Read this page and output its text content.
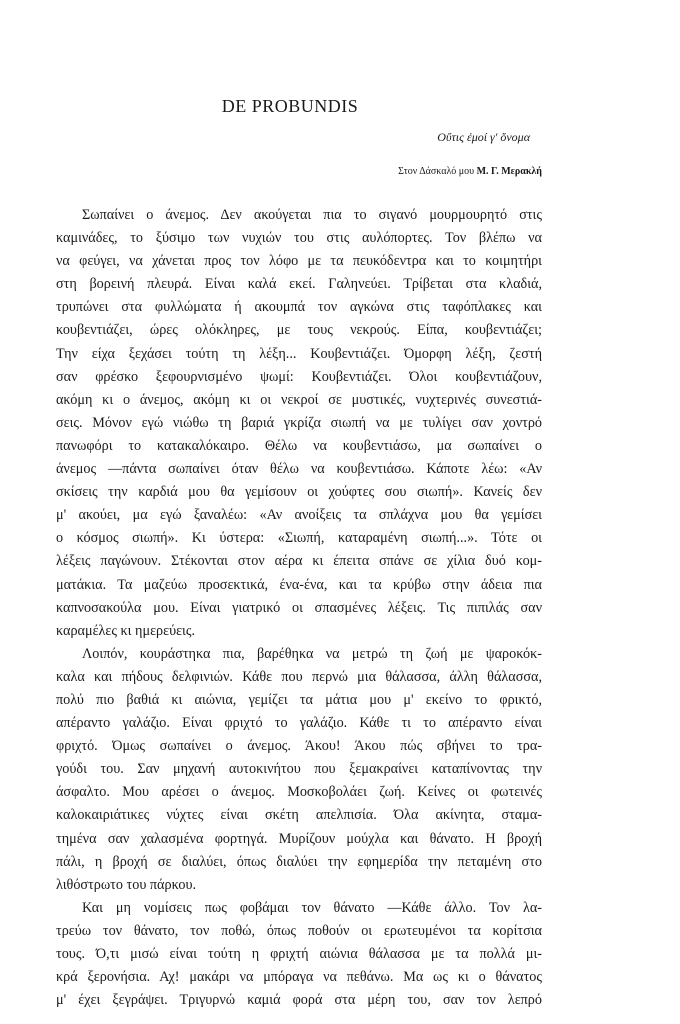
DE PROBUNDIS
Οὔτις ἐμοί γ' ὄνομα
Στον Δάσκαλό μου Μ. Γ. Μερακλή
Σωπαίνει ο άνεμος. Δεν ακούγεται πια το σιγανό μουρμουρητό στις
καμινάδες, το ξύσιμο των νυχιών του στις αυλόπορτες. Τον βλέπω να
να φεύγει, να χάνεται προς τον λόφο με τα πευκόδεντρα και το κοιμητήρι
στη βορεινή πλευρά. Είναι καλά εκεί. Γαληνεύει. Τρίβεται στα κλαδιά,
τρυπώνει στα φυλλώματα ή ακουμπά τον αγκώνα στις ταφόπλακες και
κουβεντιάζει, ώρες ολόκληρες, με τους νεκρούς. Είπα, κουβεντιάζει;
Την είχα ξεχάσει τούτη τη λέξη... Κουβεντιάζει. Όμορφη λέξη, ζεστή
σαν φρέσκο ξεφουρνισμένο ψωμί: Κουβεντιάζει. Όλοι κουβεντιάζουν,
ακόμη κι ο άνεμος, ακόμη κι οι νεκροί σε μυστικές, νυχτερινές συνεστιά-
σεις. Μόνον εγώ νιώθω τη βαριά γκρίζα σιωπή να με τυλίγει σαν χοντρό
πανωφόρι το κατακαλόκαιρο. Θέλω να κουβεντιάσω, μα σωπαίνει ο
άνεμος —πάντα σωπαίνει όταν θέλω να κουβεντιάσω. Κάποτε λέω: «Αν
σκίσεις την καρδιά μου θα γεμίσουν οι χούφτες σου σιωπή». Κανείς δεν
μ' ακούει, μα εγώ ξαναλέω: «Αν ανοίξεις τα σπλάχνα μου θα γεμίσει
ο κόσμος σιωπή». Κι ύστερα: «Σιωπή, καταραμένη σιωπή...». Τότε οι
λέξεις παγώνουν. Στέκονται στον αέρα κι έπειτα σπάνε σε χίλια δυό κομ-
ματάκια. Τα μαζεύω προσεκτικά, ένα-ένα, και τα κρύβω στην άδεια πια
καπνοσακούλα μου. Είναι γιατρικό οι σπασμένες λέξεις. Τις πιπιλάς σαν
καραμέλες κι ημερεύεις.
Λοιπόν, κουράστηκα πια, βαρέθηκα να μετρώ τη ζωή με ψαροκόκ-
καλα και πήδους δελφινιών. Κάθε που περνώ μια θάλασσα, άλλη θάλασσα,
πολύ πιο βαθιά κι αιώνια, γεμίζει τα μάτια μου μ' εκείνο το φρικτό,
απέραντο γαλάζιο. Είναι φριχτό το γαλάζιο. Κάθε τι το απέραντο είναι
φριχτό. Όμως σωπαίνει ο άνεμος. Άκου! Άκου πώς σβήνει το τρα-
γούδι του. Σαν μηχανή αυτοκινήτου που ξεμακραίνει καταπίνοντας την
άσφαλτο. Μου αρέσει ο άνεμος. Μοσκοβολάει ζωή. Κείνες οι φωτεινές
καλοκαιριάτικες νύχτες είναι σκέτη απελπισία. Όλα ακίνητα, σταμα-
τημένα σαν χαλασμένα φορτηγά. Μυρίζουν μούχλα και θάνατο. Η βροχή
πάλι, η βροχή σε διαλύει, όπως διαλύει την εφημερίδα την πεταμένη στο
λιθόστρωτο του πάρκου.
Και μη νομίσεις πως φοβάμαι τον θάνατο —Κάθε άλλο. Τον λα-
τρεύω τον θάνατο, τον ποθώ, όπως ποθούν οι ερωτευμένοι τα κορίτσια
τους. Ό,τι μισώ είναι τούτη η φριχτή αιώνια θάλασσα με τα πολλά μι-
κρά ξερονήσια. Αχ! μακάρι να μπόραγα να πεθάνω. Μα ως κι ο θάνατος
μ' έχει ξεγράψει. Τριγυρνώ καμιά φορά στα μέρη του, σαν τον λεπρό
